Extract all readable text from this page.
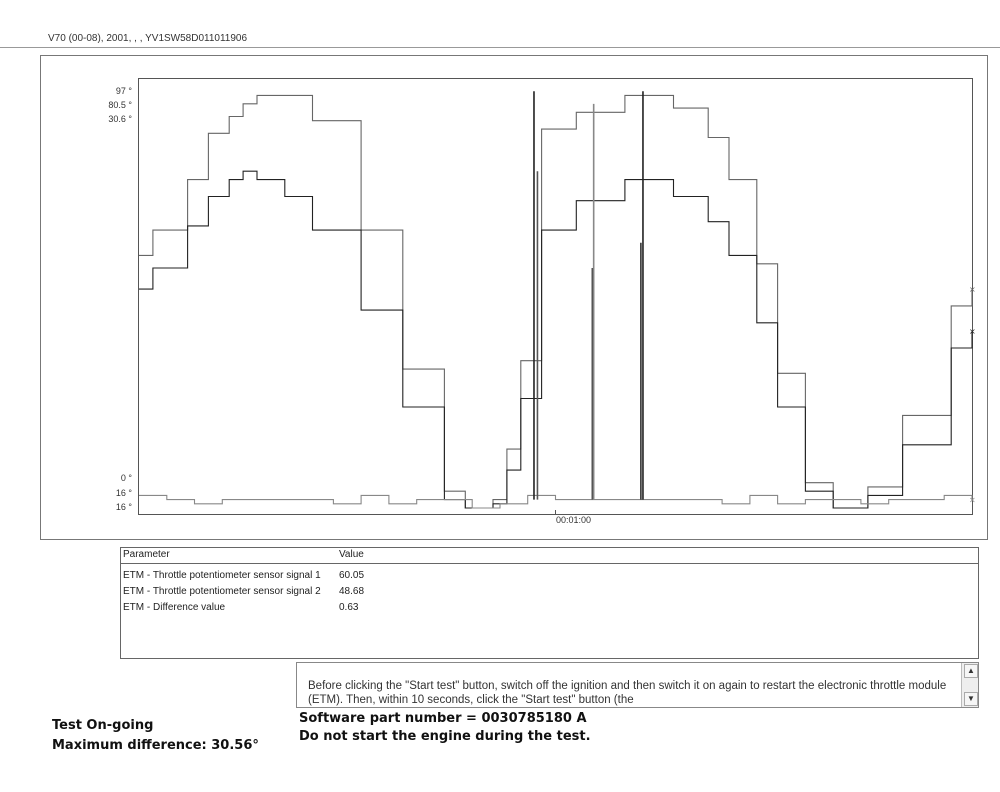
V70 (00-08), 2001, , , YV1SW58D011011906
97 °
80.5 °
30.6 °
0 °
16 °
16 °
×
×
×
00:01:00
Parameter	Value
ETM - Throttle potentiometer sensor signal 1 60.05
ETM - Throttle potentiometer sensor signal 2 48.68
ETM - Difference value	0.63
Before clicking the "Start test" button, switch off the ignition and then switch it on again to restart the electronic throttle module (ETM). Then, within 10 seconds, click the "Start test" button (the
▲
▼
Software part number = 0030785180 A
Do not start the engine during the test.
Test On-going
Maximum difference: 30.56°
